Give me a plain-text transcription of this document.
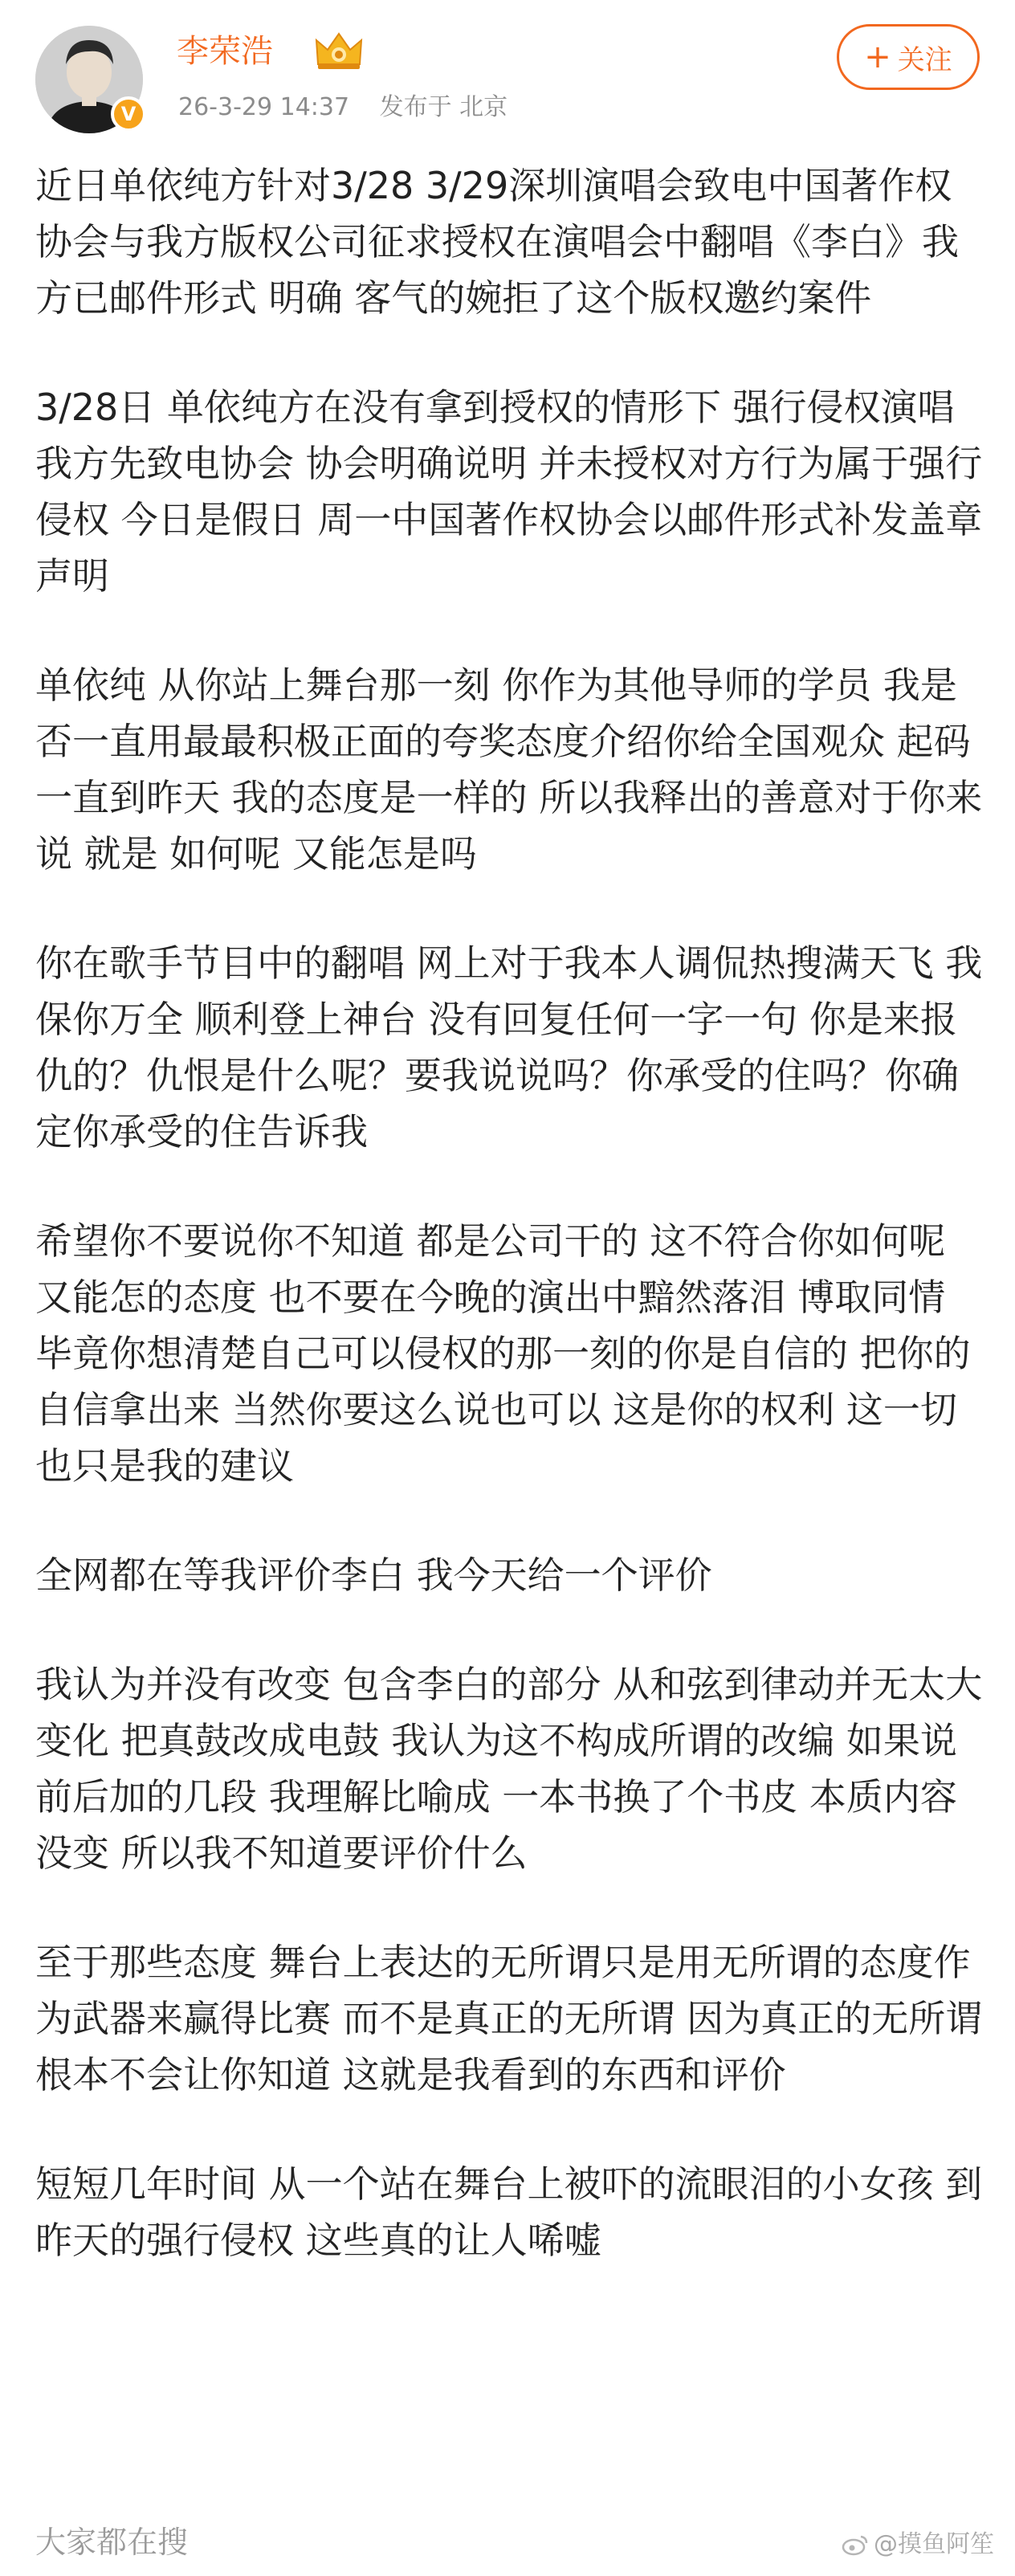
V
李荣浩
26-3-29 14:37 发布于 北京
+ 关注

近日单依纯方针对3/28 3/29深圳演唱会致电中国著作权协会与我方版权公司征求授权在演唱会中翻唱《李白》我方已邮件形式 明确 客气的婉拒了这个版权邀约案件

3/28日 单依纯方在没有拿到授权的情形下 强行侵权演唱 我方先致电协会 协会明确说明 并未授权对方行为属于强行侵权 今日是假日 周一中国著作权协会以邮件形式补发盖章声明

单依纯 从你站上舞台那一刻 你作为其他导师的学员 我是否一直用最最积极正面的夸奖态度介绍你给全国观众 起码一直到昨天 我的态度是一样的 所以我释出的善意对于你来说 就是 如何呢 又能怎是吗

你在歌手节目中的翻唱 网上对于我本人调侃热搜满天飞 我保你万全 顺利登上神台 没有回复任何一字一句 你是来报仇的？仇恨是什么呢？要我说说吗？你承受的住吗？你确定你承受的住告诉我

希望你不要说你不知道 都是公司干的 这不符合你如何呢 又能怎的态度 也不要在今晚的演出中黯然落泪 博取同情 毕竟你想清楚自己可以侵权的那一刻的你是自信的 把你的自信拿出来 当然你要这么说也可以 这是你的权利 这一切也只是我的建议

全网都在等我评价李白 我今天给一个评价

我认为并没有改变 包含李白的部分 从和弦到律动并无太大变化 把真鼓改成电鼓 我认为这不构成所谓的改编 如果说 前后加的几段 我理解比喻成 一本书换了个书皮 本质内容没变 所以我不知道要评价什么

至于那些态度 舞台上表达的无所谓只是用无所谓的态度作为武器来赢得比赛 而不是真正的无所谓 因为真正的无所谓根本不会让你知道 这就是我看到的东西和评价

短短几年时间 从一个站在舞台上被吓的流眼泪的小女孩 到昨天的强行侵权 这些真的让人唏嘘

大家都在搜	@摸鱼阿笙
